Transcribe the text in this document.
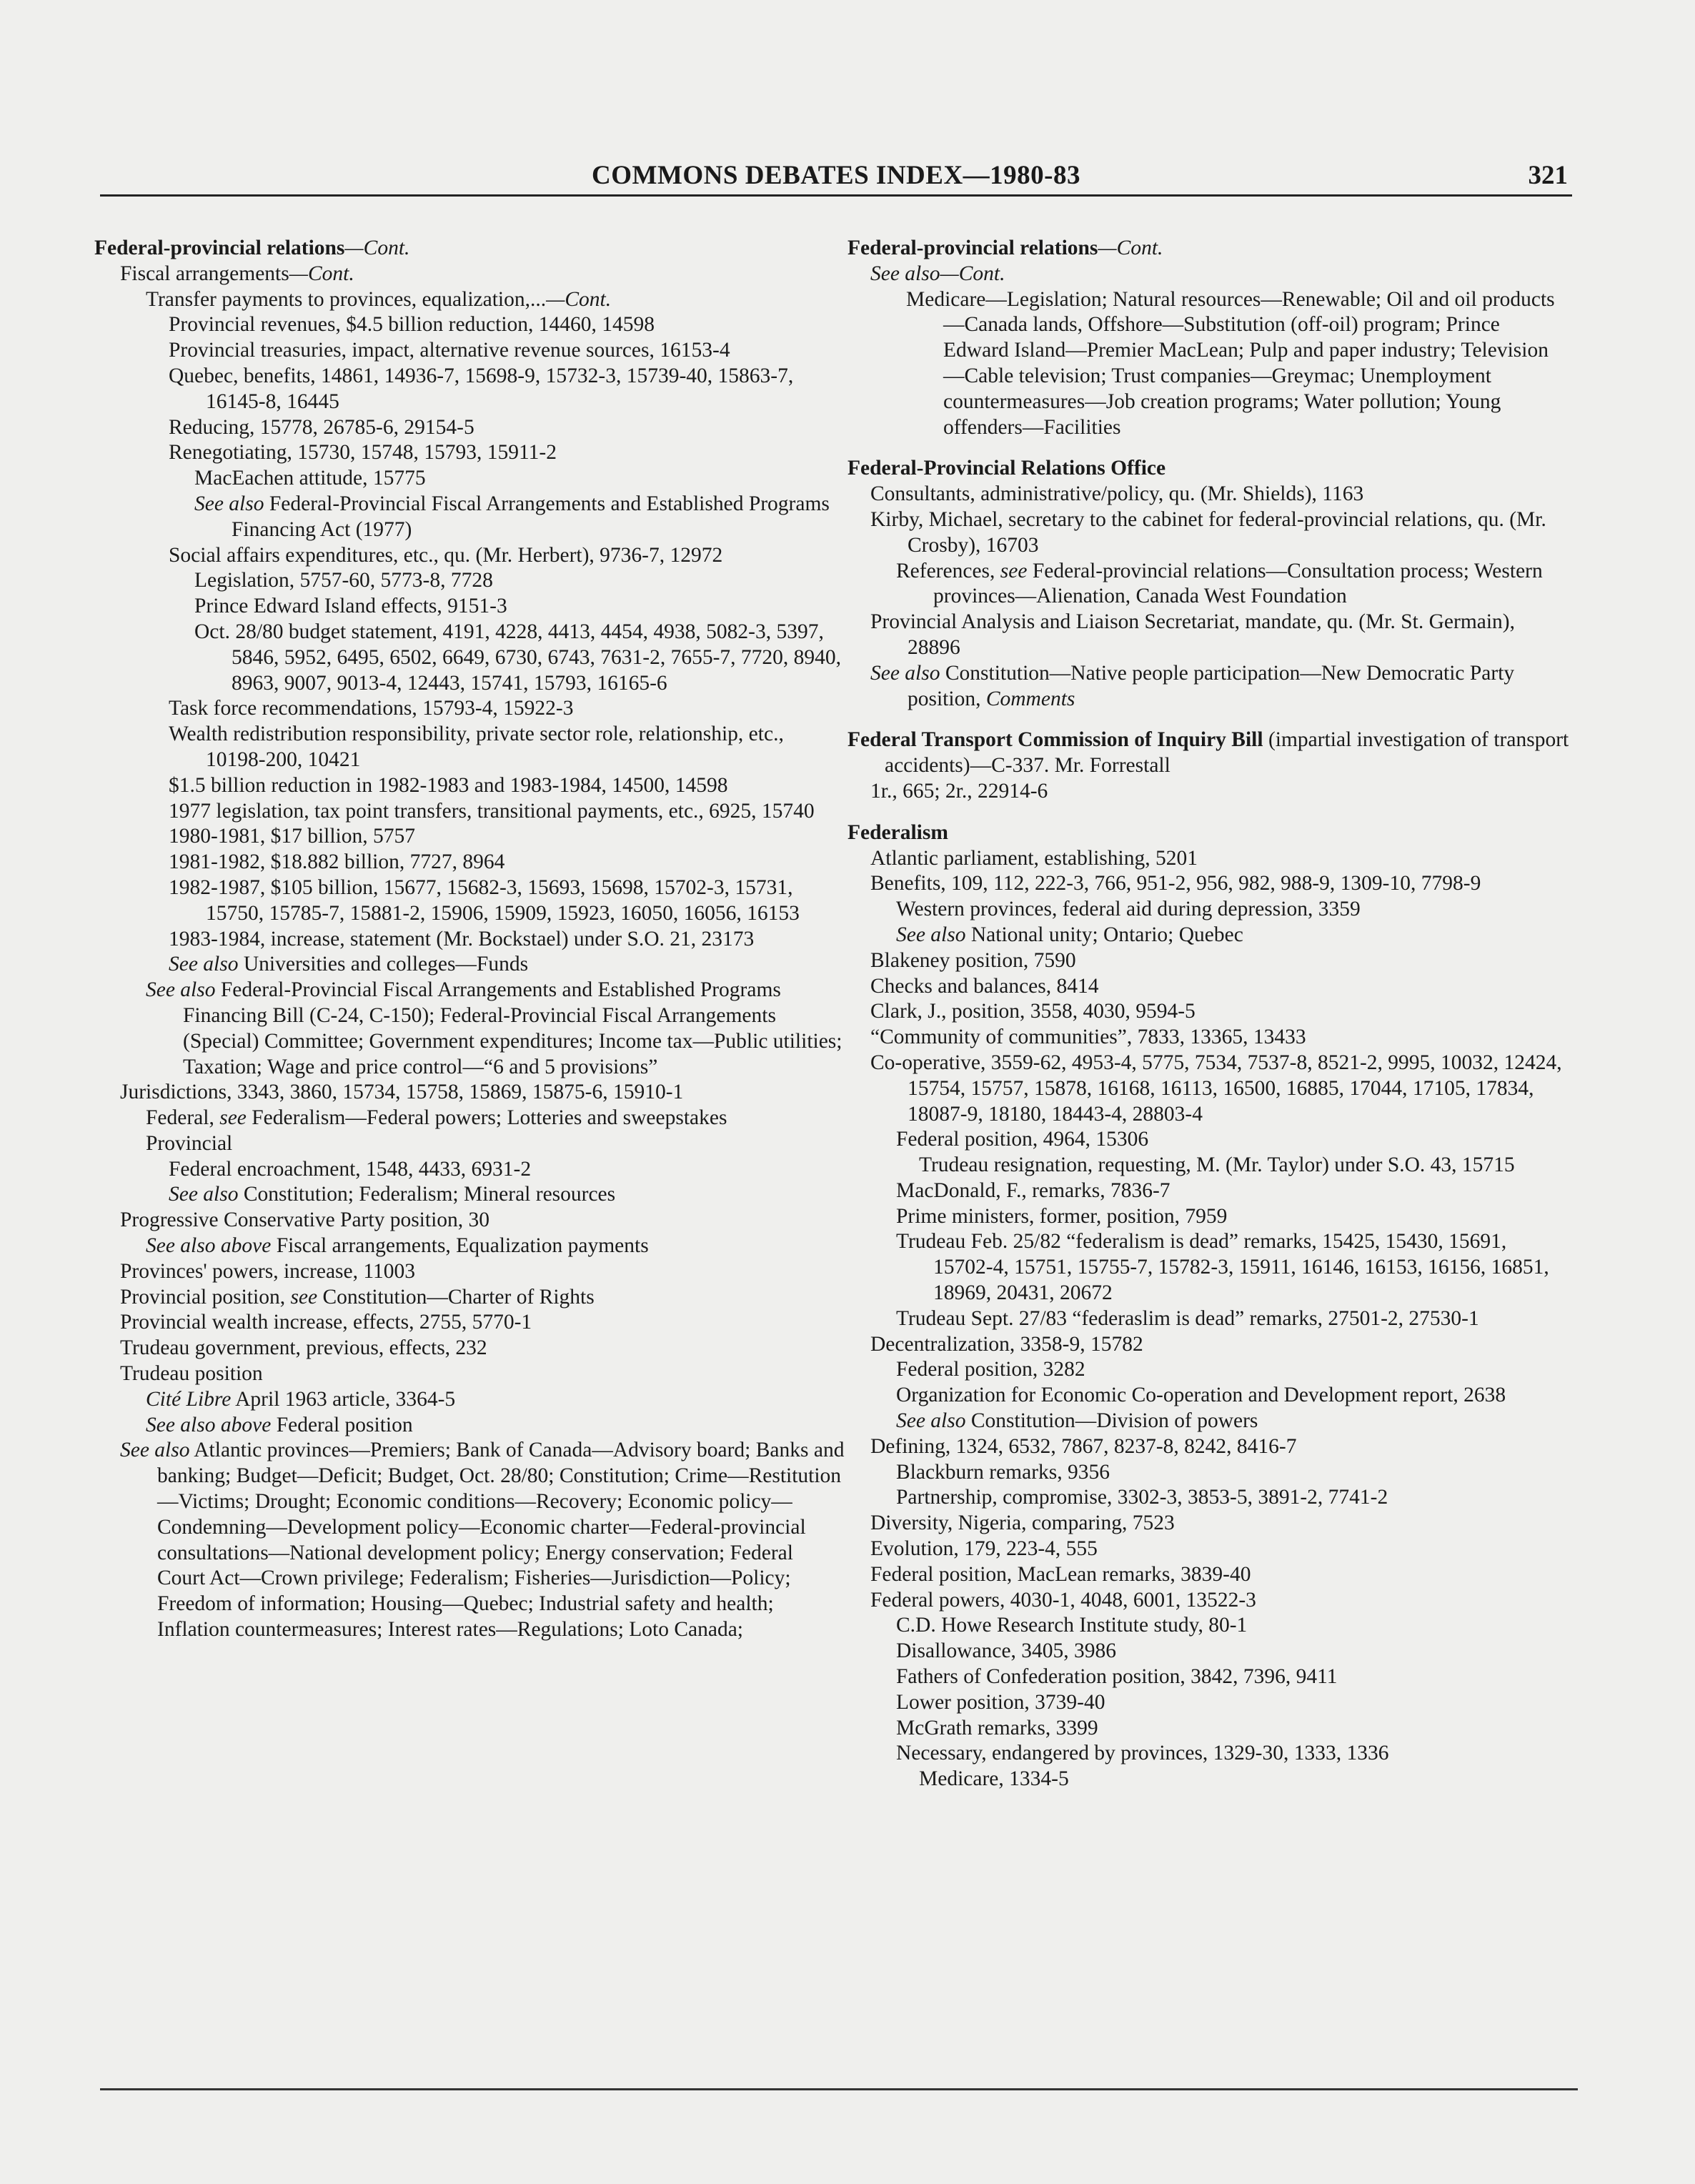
COMMONS DEBATES INDEX—1980-83	321

Federal-provincial relations—Cont.

Fiscal arrangements—Cont.

Transfer payments to provinces, equalization,...—Cont.

Provincial revenues, $4.5 billion reduction, 14460, 14598

Provincial treasuries, impact, alternative revenue sources, 16153-4

Quebec, benefits, 14861, 14936-7, 15698-9, 15732-3, 15739-40, 15863-7, 16145-8, 16445

Reducing, 15778, 26785-6, 29154-5

Renegotiating, 15730, 15748, 15793, 15911-2

MacEachen attitude, 15775

See also Federal-Provincial Fiscal Arrangements and Established Programs Financing Act (1977)

Social affairs expenditures, etc., qu. (Mr. Herbert), 9736-7, 12972

Legislation, 5757-60, 5773-8, 7728

Prince Edward Island effects, 9151-3

Oct. 28/80 budget statement, 4191, 4228, 4413, 4454, 4938, 5082-3, 5397, 5846, 5952, 6495, 6502, 6649, 6730, 6743, 7631-2, 7655-7, 7720, 8940, 8963, 9007, 9013-4, 12443, 15741, 15793, 16165-6

Task force recommendations, 15793-4, 15922-3

Wealth redistribution responsibility, private sector role, relationship, etc., 10198-200, 10421

$1.5 billion reduction in 1982-1983 and 1983-1984, 14500, 14598

1977 legislation, tax point transfers, transitional payments, etc., 6925, 15740

1980-1981, $17 billion, 5757

1981-1982, $18.882 billion, 7727, 8964

1982-1987, $105 billion, 15677, 15682-3, 15693, 15698, 15702-3, 15731, 15750, 15785-7, 15881-2, 15906, 15909, 15923, 16050, 16056, 16153

1983-1984, increase, statement (Mr. Bockstael) under S.O. 21, 23173

See also Universities and colleges—Funds

See also Federal-Provincial Fiscal Arrangements and Established Programs Financing Bill (C-24, C-150); Federal-Provincial Fiscal Arrangements (Special) Committee; Government expenditures; Income tax—Public utilities; Taxation; Wage and price control—“6 and 5 provisions”

Jurisdictions, 3343, 3860, 15734, 15758, 15869, 15875-6, 15910-1

Federal, see Federalism—Federal powers; Lotteries and sweepstakes

Provincial

Federal encroachment, 1548, 4433, 6931-2

See also Constitution; Federalism; Mineral resources

Progressive Conservative Party position, 30

See also above Fiscal arrangements, Equalization payments

Provinces' powers, increase, 11003

Provincial position, see Constitution—Charter of Rights

Provincial wealth increase, effects, 2755, 5770-1

Trudeau government, previous, effects, 232

Trudeau position

Cité Libre April 1963 article, 3364-5

See also above Federal position

See also Atlantic provinces—Premiers; Bank of Canada—Advisory board; Banks and banking; Budget—Deficit; Budget, Oct. 28/80; Constitution; Crime—Restitution—Victims; Drought; Economic conditions—Recovery; Economic policy—Condemning—Development policy—Economic charter—Federal-provincial consultations—National development policy; Energy conservation; Federal Court Act—Crown privilege; Federalism; Fisheries—Jurisdiction—Policy; Freedom of information; Housing—Quebec; Industrial safety and health; Inflation countermeasures; Interest rates—Regulations; Loto Canada;

Federal-provincial relations—Cont.

See also—Cont.

Medicare—Legislation; Natural resources—Renewable; Oil and oil products—Canada lands, Offshore—Substitution (off-oil) program; Prince Edward Island—Premier MacLean; Pulp and paper industry; Television—Cable television; Trust companies—Greymac; Unemployment countermeasures—Job creation programs; Water pollution; Young offenders—Facilities

Federal-Provincial Relations Office

Consultants, administrative/policy, qu. (Mr. Shields), 1163

Kirby, Michael, secretary to the cabinet for federal-provincial relations, qu. (Mr. Crosby), 16703

References, see Federal-provincial relations—Consultation process; Western provinces—Alienation, Canada West Foundation

Provincial Analysis and Liaison Secretariat, mandate, qu. (Mr. St. Germain), 28896

See also Constitution—Native people participation—New Democratic Party position, Comments

Federal Transport Commission of Inquiry Bill (impartial investigation of transport accidents)—C-337. Mr. Forrestall

1r., 665; 2r., 22914-6

Federalism

Atlantic parliament, establishing, 5201

Benefits, 109, 112, 222-3, 766, 951-2, 956, 982, 988-9, 1309-10, 7798-9

Western provinces, federal aid during depression, 3359

See also National unity; Ontario; Quebec

Blakeney position, 7590

Checks and balances, 8414

Clark, J., position, 3558, 4030, 9594-5

“Community of communities”, 7833, 13365, 13433

Co-operative, 3559-62, 4953-4, 5775, 7534, 7537-8, 8521-2, 9995, 10032, 12424, 15754, 15757, 15878, 16168, 16113, 16500, 16885, 17044, 17105, 17834, 18087-9, 18180, 18443-4, 28803-4

Federal position, 4964, 15306

Trudeau resignation, requesting, M. (Mr. Taylor) under S.O. 43, 15715

MacDonald, F., remarks, 7836-7

Prime ministers, former, position, 7959

Trudeau Feb. 25/82 “federalism is dead” remarks, 15425, 15430, 15691, 15702-4, 15751, 15755-7, 15782-3, 15911, 16146, 16153, 16156, 16851, 18969, 20431, 20672

Trudeau Sept. 27/83 “federaslim is dead” remarks, 27501-2, 27530-1

Decentralization, 3358-9, 15782

Federal position, 3282

Organization for Economic Co-operation and Development report, 2638

See also Constitution—Division of powers

Defining, 1324, 6532, 7867, 8237-8, 8242, 8416-7

Blackburn remarks, 9356

Partnership, compromise, 3302-3, 3853-5, 3891-2, 7741-2

Diversity, Nigeria, comparing, 7523

Evolution, 179, 223-4, 555

Federal position, MacLean remarks, 3839-40

Federal powers, 4030-1, 4048, 6001, 13522-3

C.D. Howe Research Institute study, 80-1

Disallowance, 3405, 3986

Fathers of Confederation position, 3842, 7396, 9411

Lower position, 3739-40

McGrath remarks, 3399

Necessary, endangered by provinces, 1329-30, 1333, 1336

Medicare, 1334-5
